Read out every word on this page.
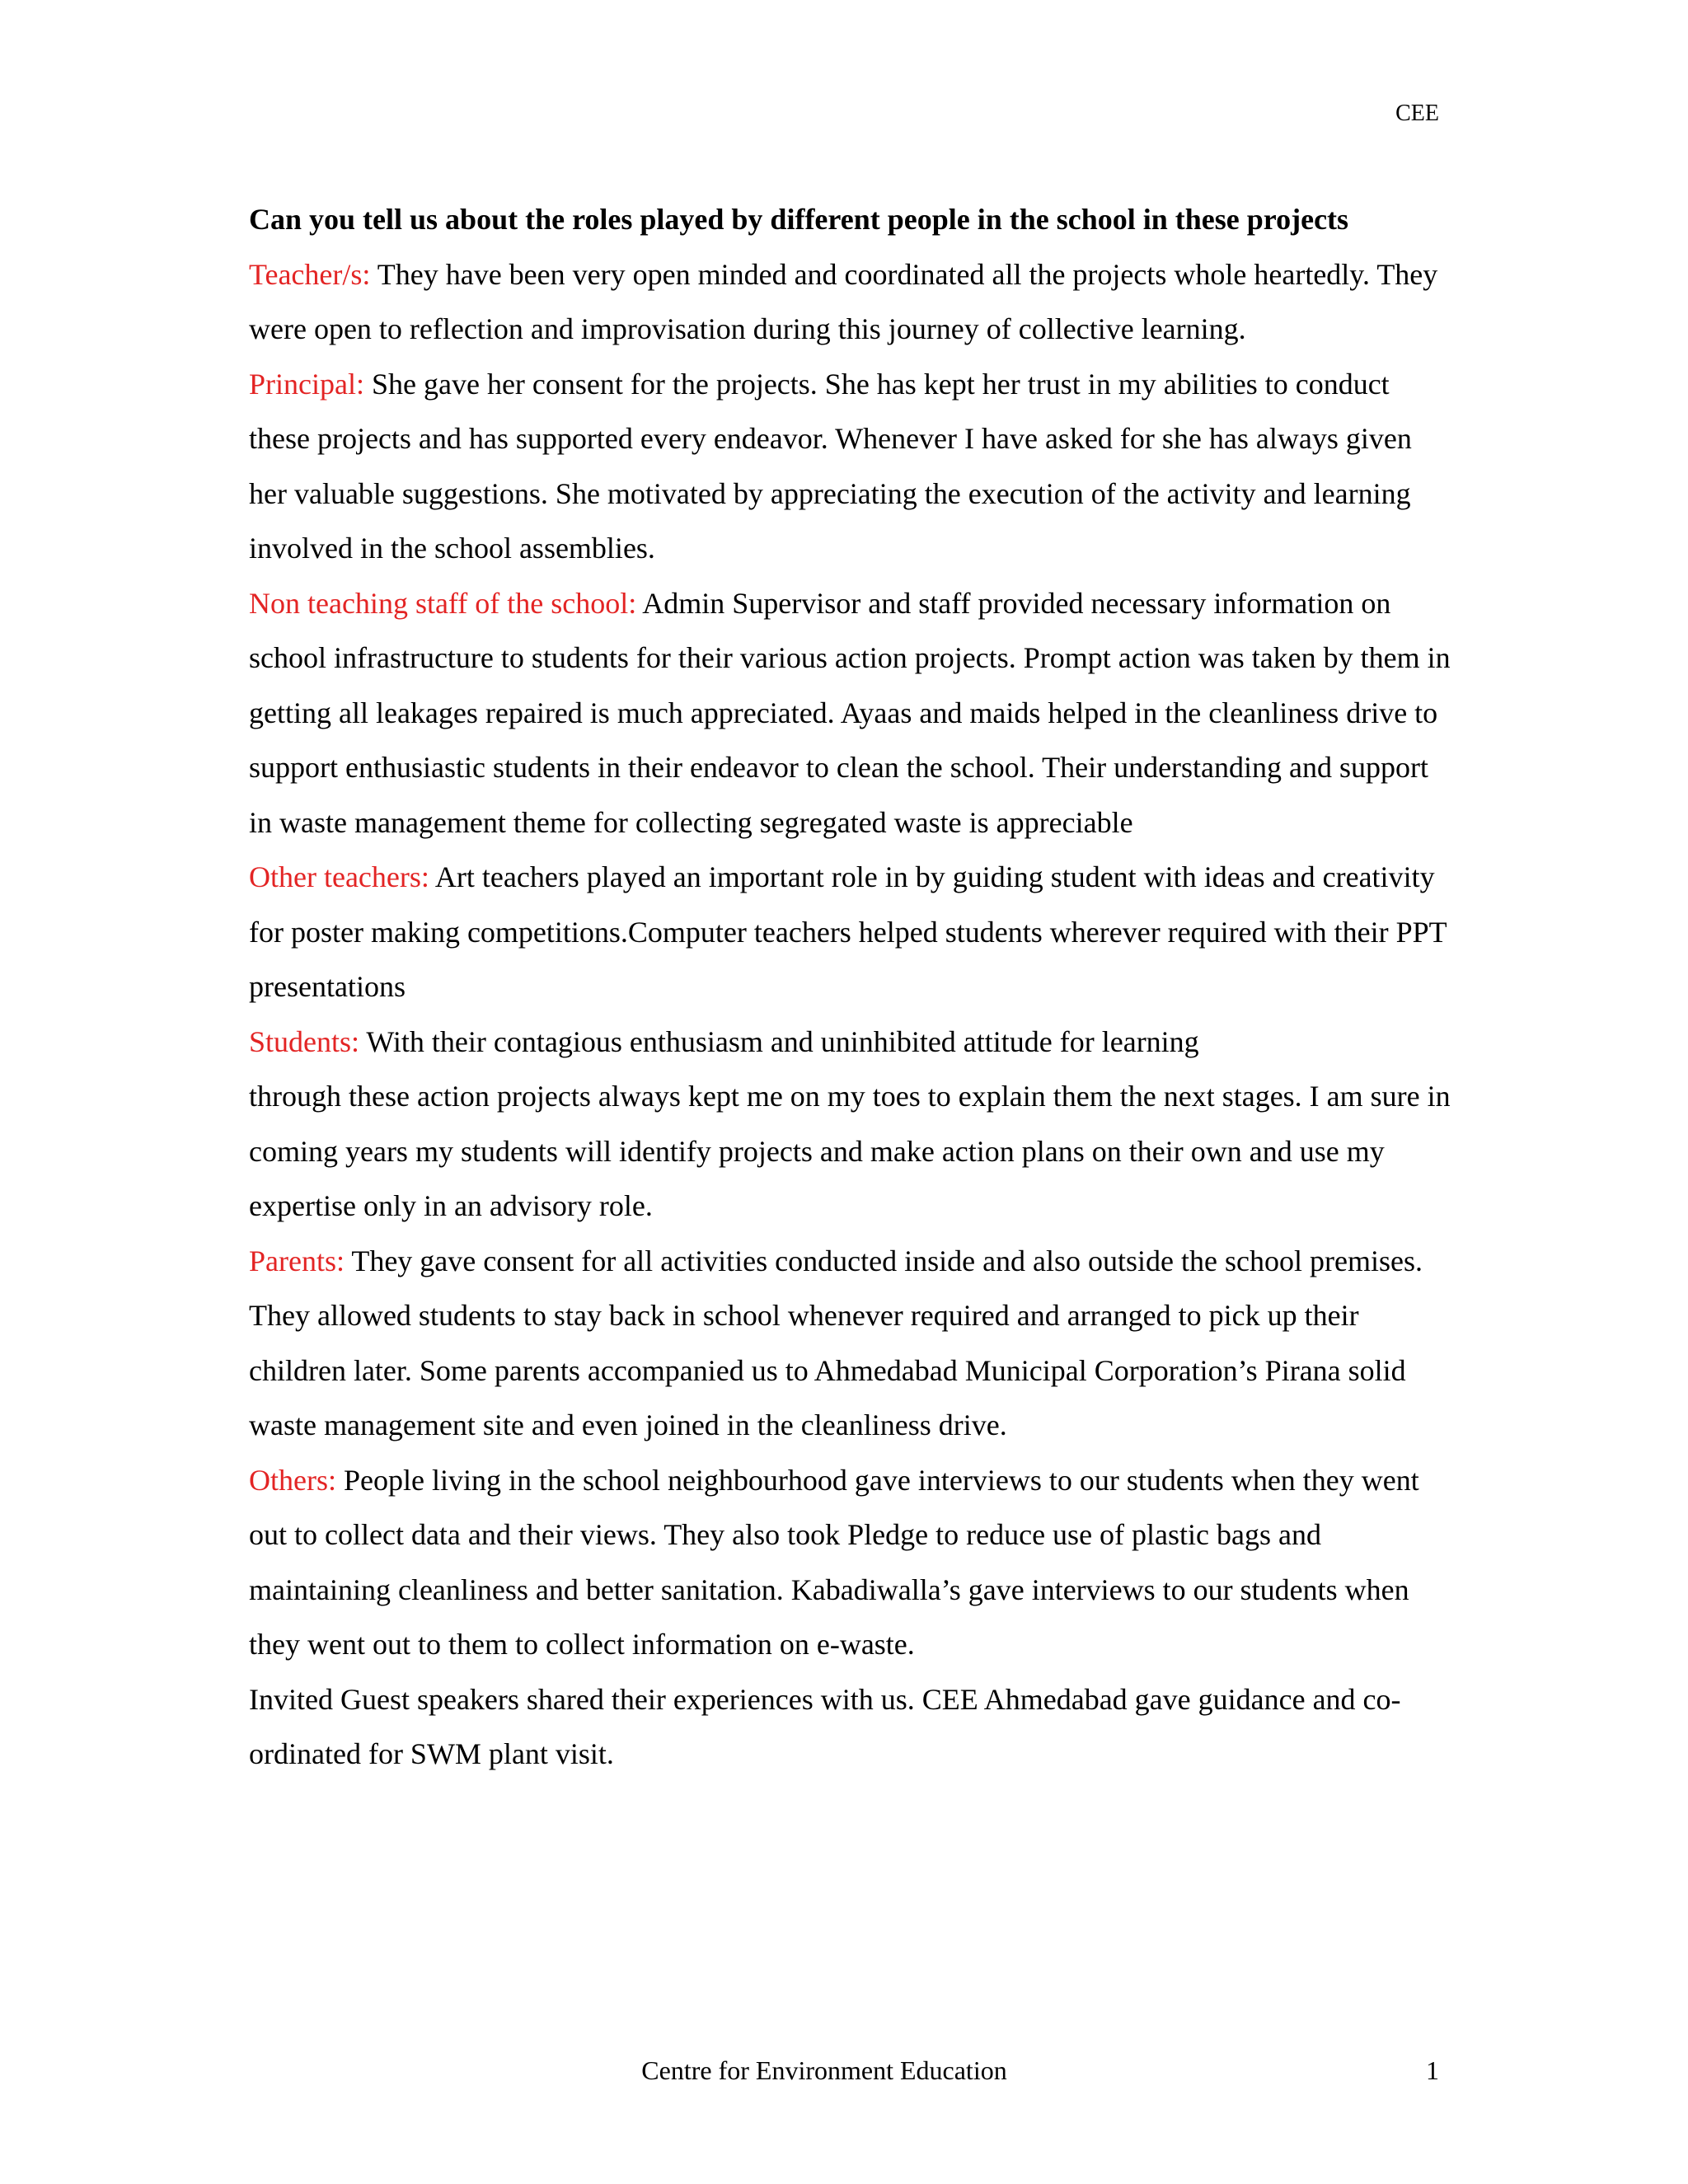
CEE

Can you tell us about the roles played by different people in the school in these projects

Teacher/s: They have been very open minded and coordinated all the projects whole heartedly. They were open to reflection and improvisation during this journey of collective learning.

Principal: She gave her consent for the projects. She has kept her trust in my abilities to conduct these projects and has supported every endeavor. Whenever I have asked for she has always given her valuable suggestions. She motivated by appreciating the execution of the activity and learning involved in the school assemblies.

Non teaching staff of the school: Admin Supervisor and staff provided necessary information on school infrastructure to students for their various action projects. Prompt action was taken by them in getting all leakages repaired is much appreciated. Ayaas and maids helped in the cleanliness drive to support enthusiastic students in their endeavor to clean the school. Their understanding and support in waste management theme for collecting segregated waste is appreciable

Other teachers: Art teachers played an important role in by guiding student with ideas and creativity for poster making competitions.Computer teachers helped students wherever required with their PPT presentations

Students: With their contagious enthusiasm and uninhibited attitude for learning
through these action projects always kept me on my toes to explain them the next stages. I am sure in coming years my students will identify projects and make action plans on their own and use my expertise only in an advisory role.

Parents: They gave consent for all activities conducted inside and also outside the school premises. They allowed students to stay back in school whenever required and arranged to pick up their children later. Some parents accompanied us to Ahmedabad Municipal Corporation’s Pirana solid waste management site and even joined in the cleanliness drive.

Others: People living in the school neighbourhood gave interviews to our students when they went out to collect data and their views. They also took Pledge to reduce use of plastic bags and maintaining cleanliness and better sanitation. Kabadiwalla’s gave interviews to our students when they went out to them to collect information on e-waste.

Invited Guest speakers shared their experiences with us. CEE Ahmedabad gave guidance and co-ordinated for SWM plant visit.

Centre for Environment Education	1
